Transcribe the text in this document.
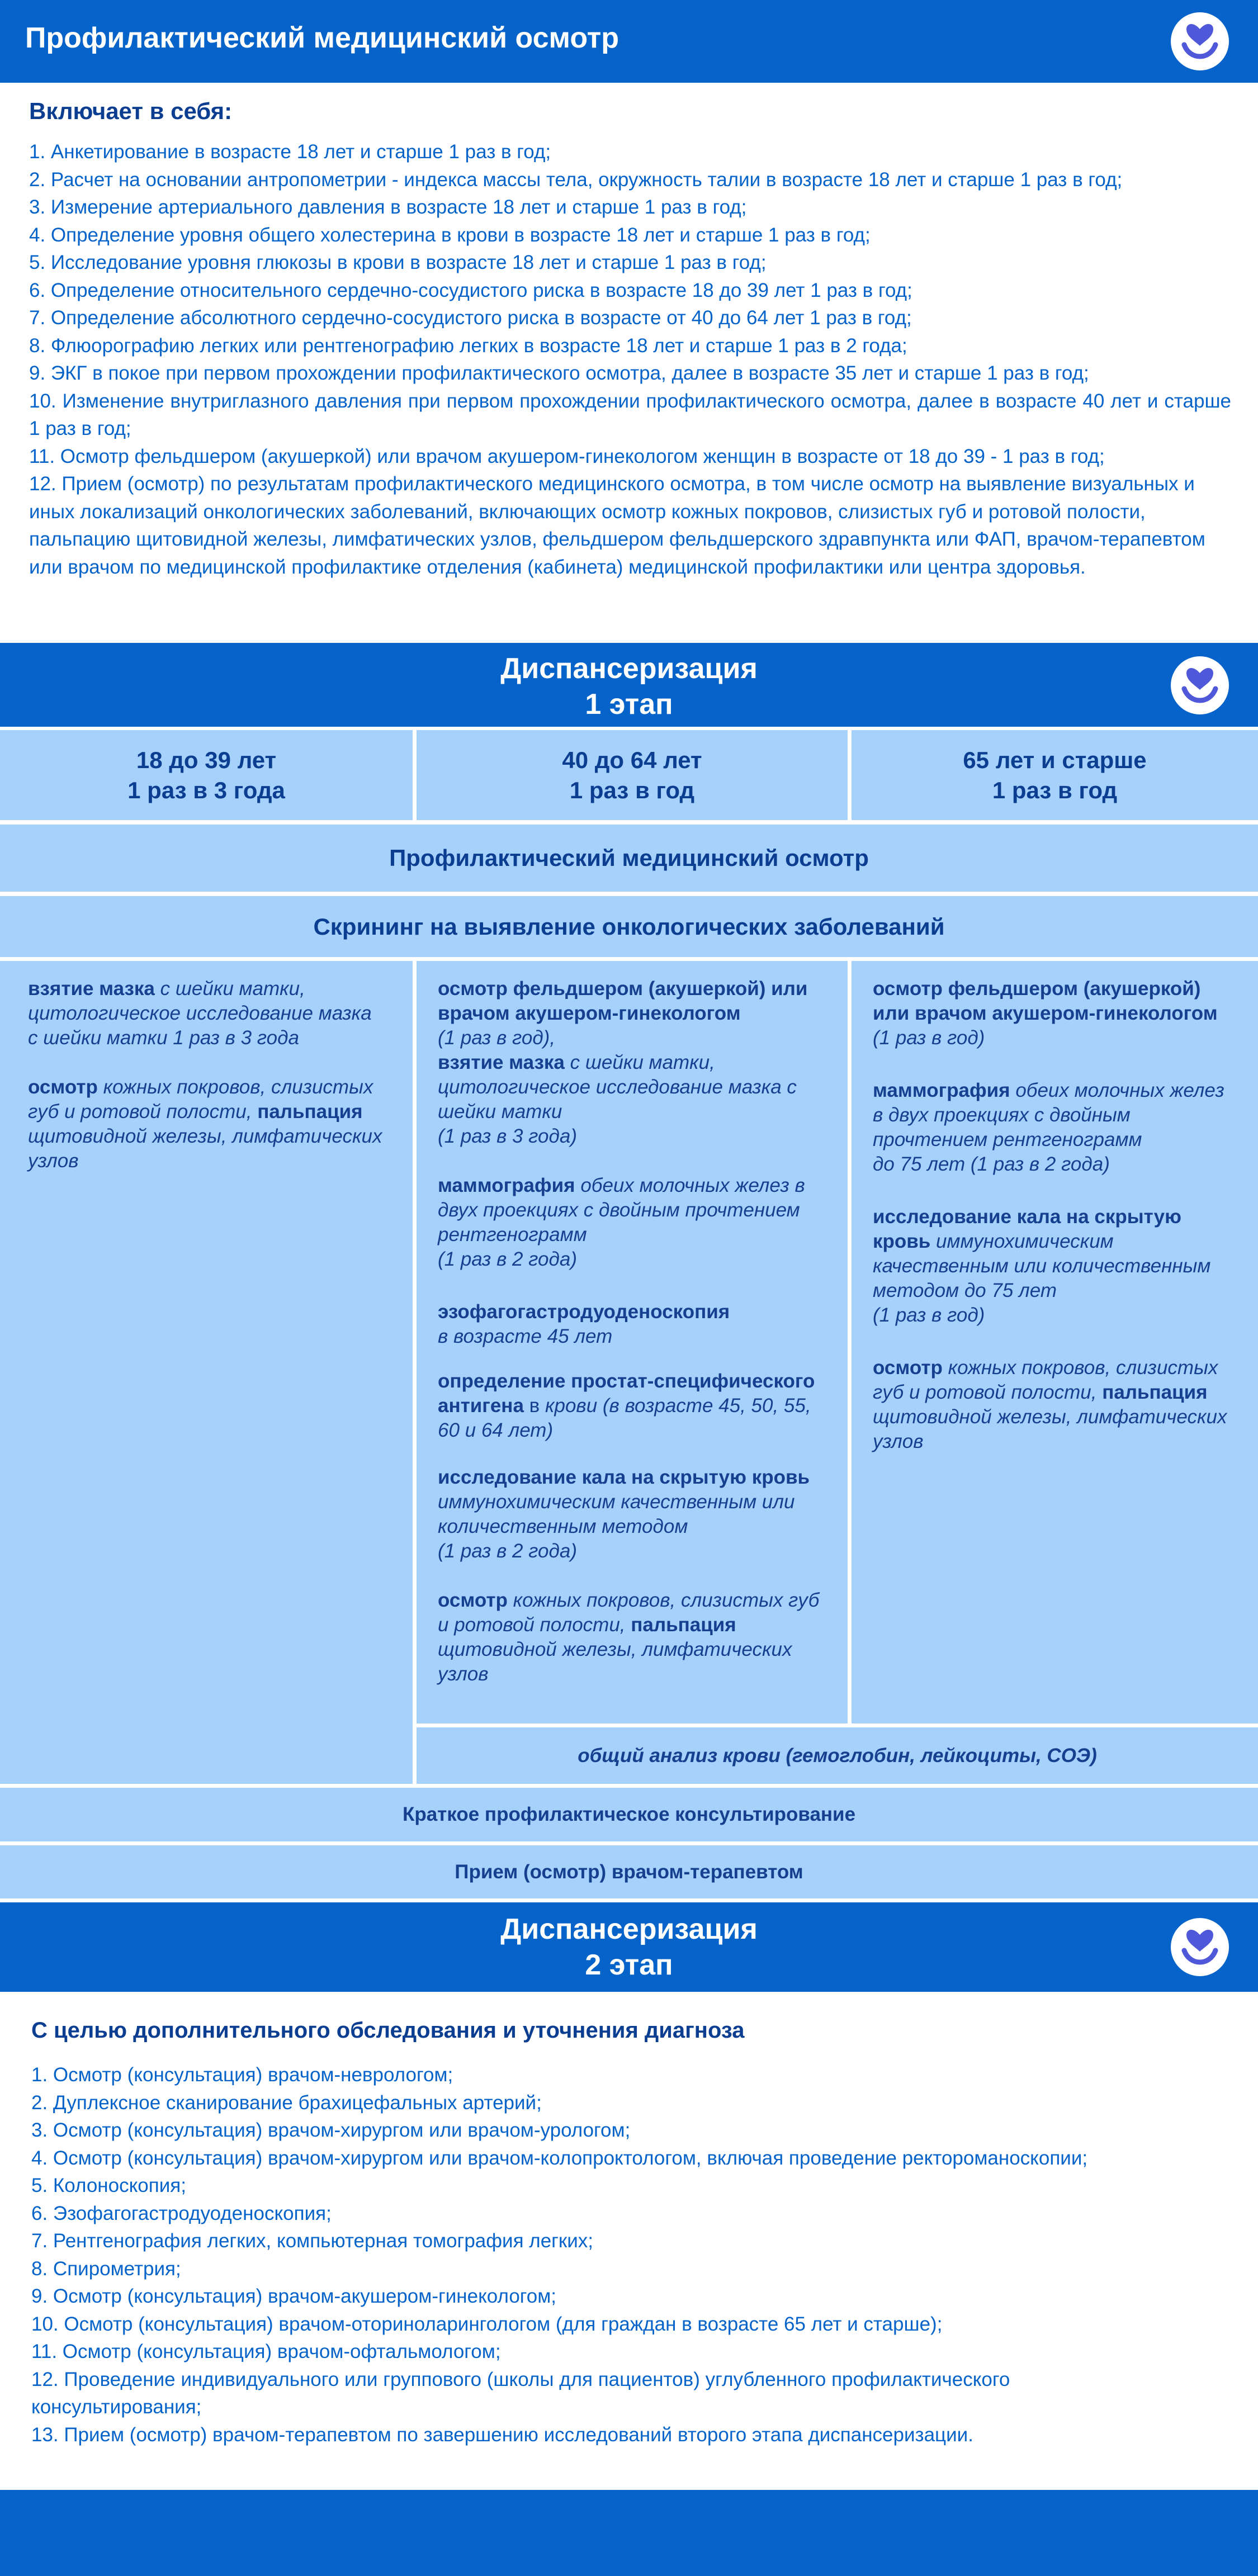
Профилактический медицинский осмотр
Включает в себя:
1. Анкетирование в возрасте 18 лет и старше 1 раз в год;
2. Расчет на основании антропометрии - индекса массы тела, окружность талии в возрасте 18 лет и старше 1 раз в год;
3. Измерение артериального давления в возрасте 18 лет и старше 1 раз в год;
4. Определение уровня общего холестерина в крови в возрасте 18 лет и старше 1 раз в год;
5. Исследование уровня глюкозы в крови в возрасте 18 лет и старше 1 раз в год;
6. Определение относительного сердечно-сосудистого риска в возрасте 18 до 39 лет 1 раз в год;
7. Определение абсолютного сердечно-сосудистого риска в возрасте от 40 до 64 лет 1 раз в год;
8. Флюорографию легких или рентгенографию легких в возрасте 18 лет и старше 1 раз в 2 года;
9. ЭКГ в покое при первом прохождении профилактического осмотра, далее в возрасте 35 лет и старше 1 раз в год;
10. Изменение внутриглазного давления при первом прохождении профилактического осмотра, далее в возрасте 40 лет и старше 1 раз в год;
11. Осмотр фельдшером (акушеркой) или врачом акушером-гинекологом женщин в возрасте от 18 до 39 - 1 раз в год;
12. Прием (осмотр) по результатам профилактического медицинского осмотра, в том числе осмотр на выявление визуальных и иных локализаций онкологических заболеваний, включающих осмотр кожных покровов, слизистых губ и ротовой полости, пальпацию щитовидной железы, лимфатических узлов, фельдшером фельдшерского здравпункта или ФАП, врачом-терапевтом или врачом по медицинской профилактике отделения (кабинета) медицинской профилактики или центра здоровья.
Диспансеризация
1 этап
18 до 39 лет
1 раз в 3 года
40 до 64 лет
1 раз в год
65 лет и старше
1 раз в год
Профилактический медицинский осмотр
Скрининг на выявление онкологических заболеваний

взятие мазка с шейки матки, цитологическое исследование мазка с шейки матки 1 раз в 3 года

осмотр кожных покровов, слизистых губ и ротовой полости, пальпация щитовидной железы, лимфатических узлов

осмотр фельдшером (акушеркой) или врачом акушером-гинекологом

(1 раз в год),

взятие мазка с шейки матки, цитологическое исследование мазка с шейки матки

(1 раз в 3 года)

маммография обеих молочных желез в двух проекциях с двойным прочтением рентгенограмм

(1 раз в 2 года)

эзофагогастродуоденоскопия

в возрасте 45 лет

определение простат-специфического антигена в крови (в возрасте 45, 50, 55, 60 и 64 лет)

исследование кала на скрытую кровь иммунохимическим качественным или количественным методом

(1 раз в 2 года)

осмотр кожных покровов, слизистых губ и ротовой полости, пальпация щитовидной железы, лимфатических узлов

осмотр фельдшером (акушеркой) или врачом акушером-гинекологом

(1 раз в год)

маммография обеих молочных желез в двух проекциях с двойным прочтением рентгенограмм

до 75 лет (1 раз в 2 года)

исследование кала на скрытую кровь иммунохимическим качественным или количественным методом до 75 лет

(1 раз в год)

осмотр кожных покровов, слизистых губ и ротовой полости, пальпация щитовидной железы, лимфатических узлов

общий анализ крови (гемоглобин, лейкоциты, СОЭ)
Краткое профилактическое консультирование
Прием (осмотр) врачом-терапевтом
Диспансеризация
2 этап
С целью дополнительного обследования и уточнения диагноза
1. Осмотр (консультация) врачом-неврологом;
2. Дуплексное сканирование брахицефальных артерий;
3. Осмотр (консультация) врачом-хирургом или врачом-урологом;
4. Осмотр (консультация) врачом-хирургом или врачом-колопроктологом, включая проведение ректороманоскопии;
5. Колоноскопия;
6. Эзофагогастродуоденоскопия;
7. Рентгенография легких, компьютерная томография легких;
8. Спирометрия;
9. Осмотр (консультация) врачом-акушером-гинекологом;
10. Осмотр (консультация) врачом-оториноларингологом (для граждан в возрасте 65 лет и старше);
11. Осмотр (консультация) врачом-офтальмологом;
12. Проведение индивидуального или группового (школы для пациентов) углубленного профилактического консультирования;
13. Прием (осмотр) врачом-терапевтом по завершению исследований второго этапа диспансеризации.
